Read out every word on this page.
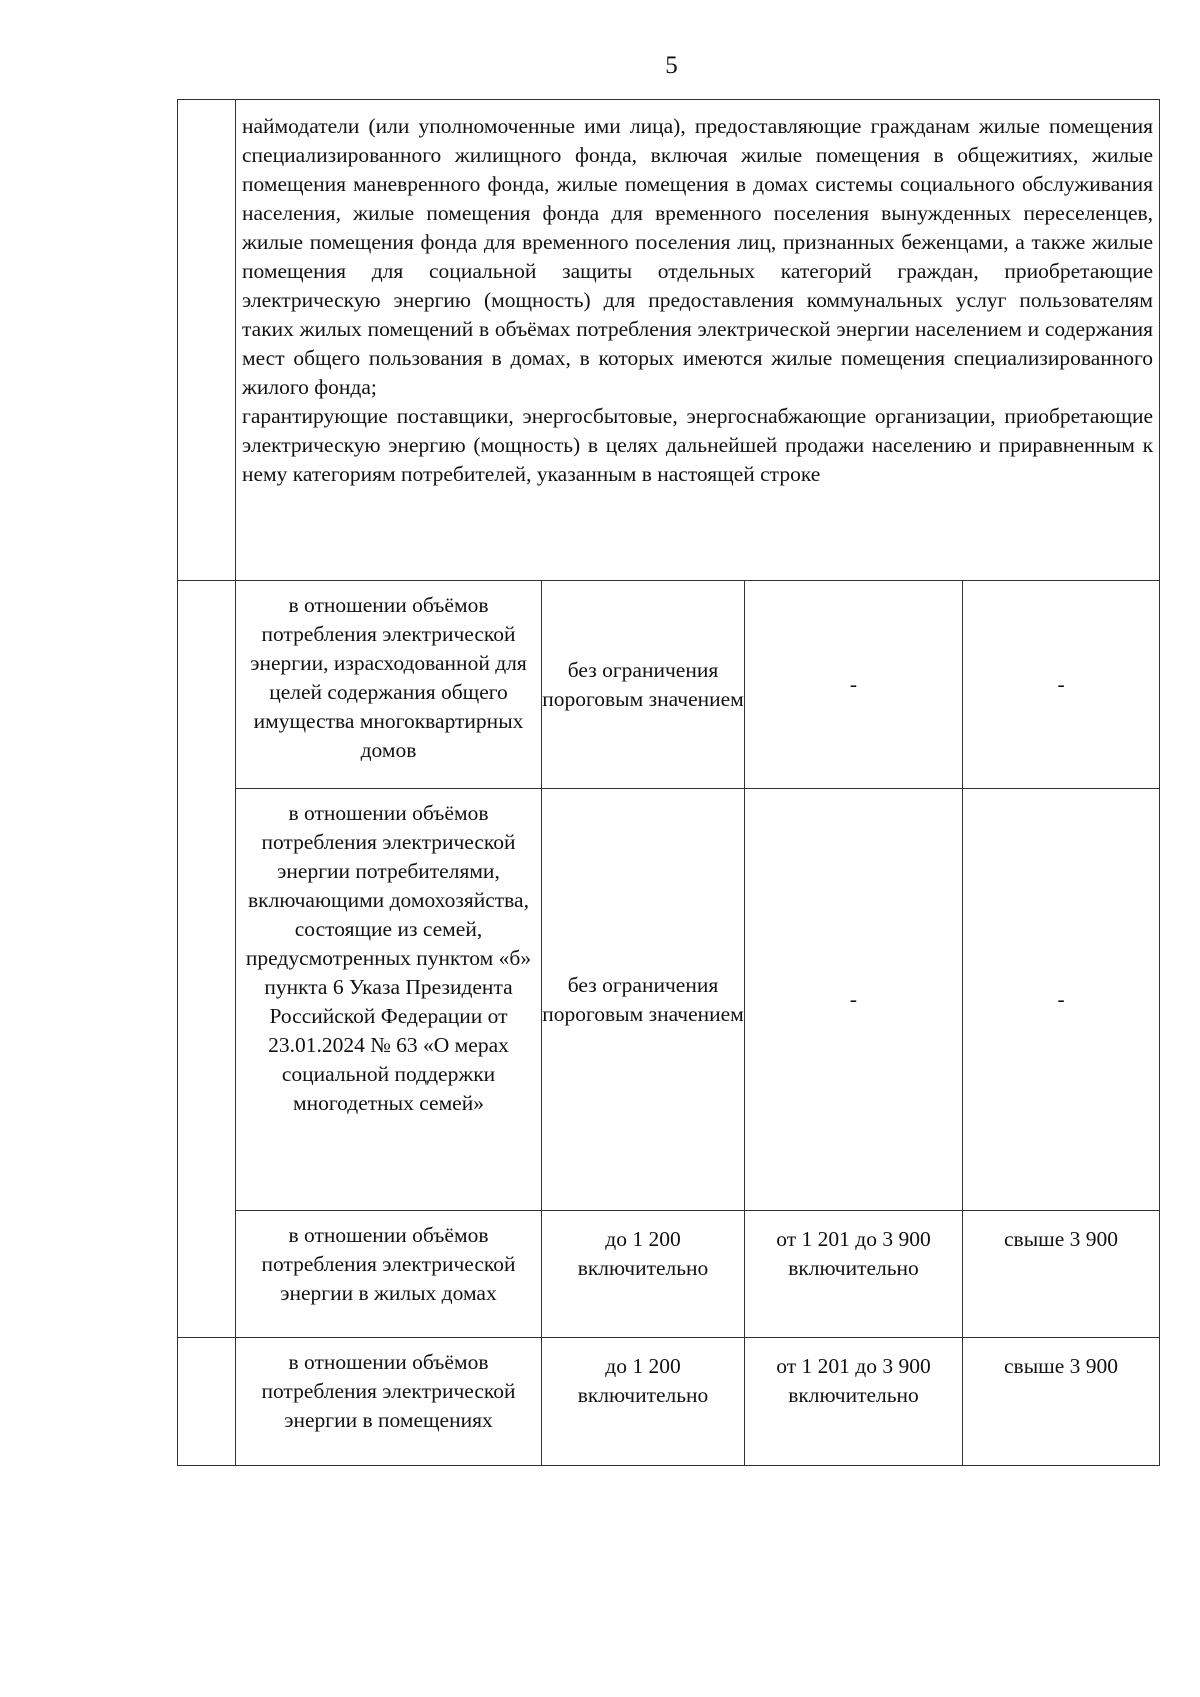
5

	наймодатели (или уполномоченные ими лица), предоставляющие гражданам жилые помещения специализированного жилищного фонда, включая жилые помещения в общежитиях, жилые помещения маневренного фонда, жилые помещения в домах системы социального обслуживания населения, жилые помещения фонда для временного поселения вынужденных переселенцев, жилые помещения фонда для временного поселения лиц, признанных беженцами, а также жилые помещения для социальной защиты отдельных категорий граждан, приобретающие электрическую энергию (мощность) для предоставления коммунальных услуг пользователям таких жилых помещений в объёмах потребления электрической энергии населением и содержания мест общего пользования в домах, в которых имеются жилые помещения специализированного жилого фонда;

гарантирующие поставщики, энергосбытовые, энергоснабжающие организации, приобретающие электрическую энергию (мощность) в целях дальнейшей продажи населению и приравненным к нему категориям потребителей, указанным в настоящей строке			

	в отношении объёмов потребления электрической энергии, израсходованной для целей содержания общего имущества многоквартирных домов	без ограничения пороговым значением	-	-
	в отношении объёмов потребления электрической энергии потребителями, включающими домохозяйства, состоящие из семей, предусмотренных пунктом «б» пункта 6 Указа Президента Российской Федерации от 23.01.2024 № 63 «О мерах социальной поддержки многодетных семей»	без ограничения пороговым значением	-	-
	в отношении объёмов потребления электрической энергии в жилых домах	до 1 200 включительно	от 1 201 до 3 900 включительно	свыше 3 900
	в отношении объёмов потребления электрической энергии в помещениях	до 1 200 включительно	от 1 201 до 3 900 включительно	свыше 3 900
